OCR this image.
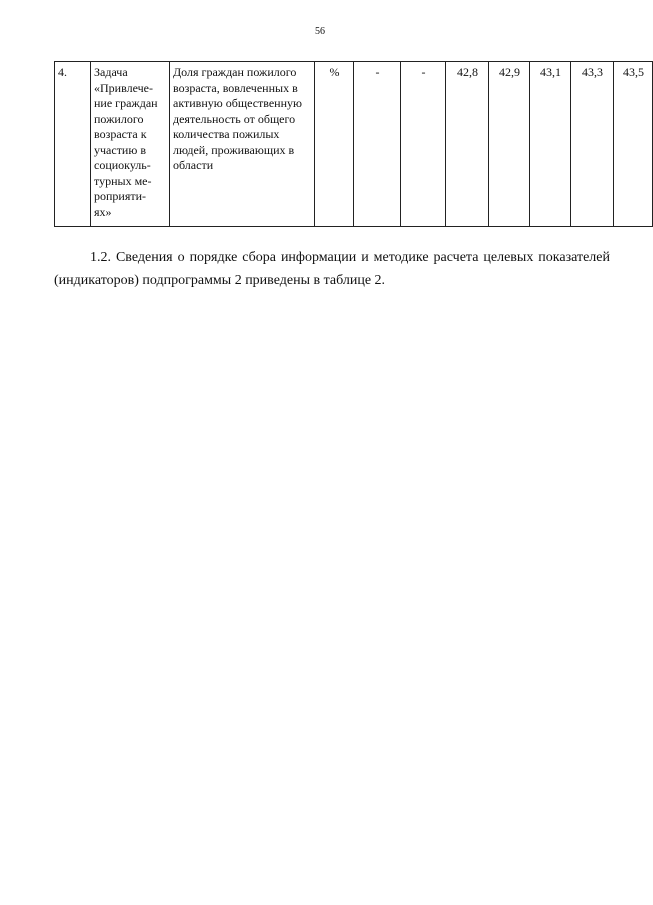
56
4.	Задача
«Привлече-
ние граждан
пожилого
возраста к
участию в
социокуль-
турных ме-
роприяти-
ях»	Доля граждан пожилого
возраста, вовлеченных в
активную общественную
деятельность от общего
количества пожилых
людей, проживающих в
области	%	-	-	42,8	42,9	43,1	43,3	43,5

1.2. Сведения о порядке сбора информации и методике расчета целевых показателей (индикаторов) подпрограммы 2 приведены в таблице 2.
